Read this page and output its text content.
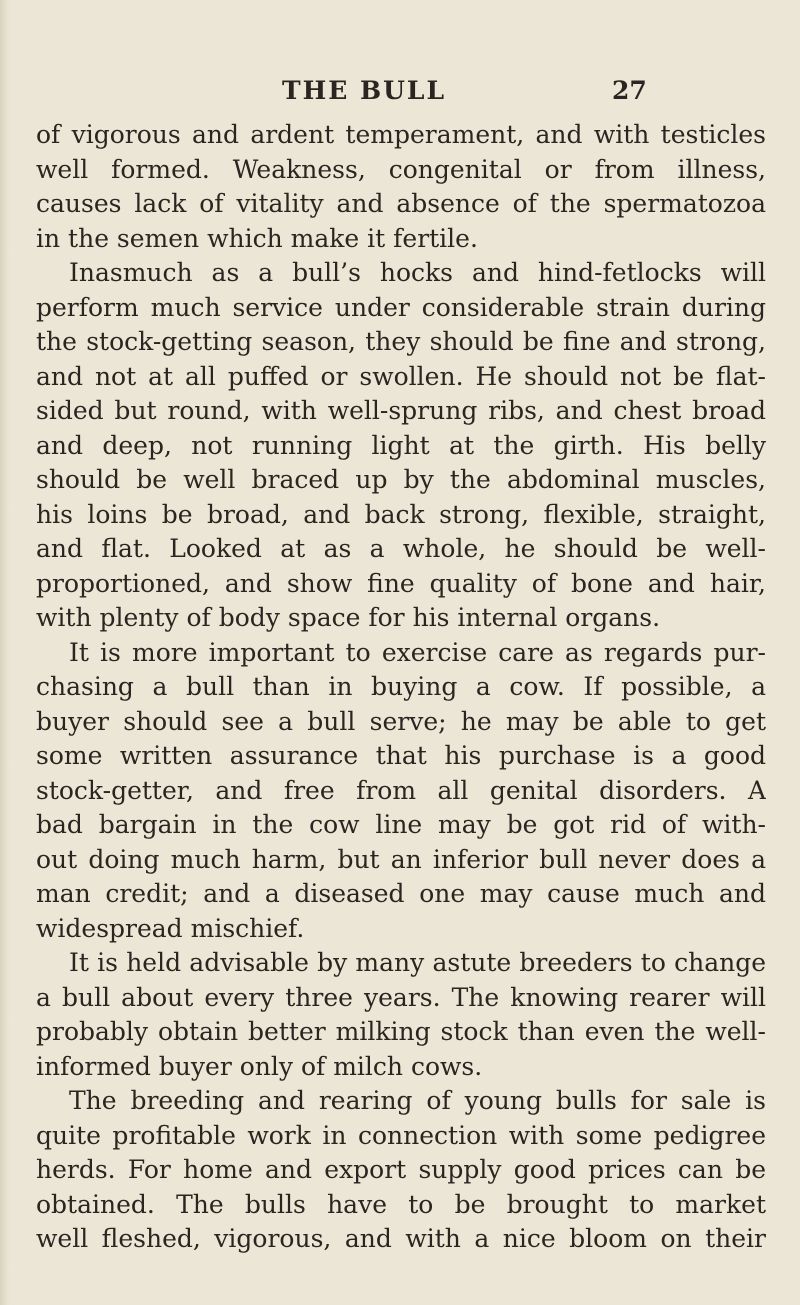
THE BULL	27
of vigorous and ardent temperament, and with testicles
well formed. Weakness, congenital or from illness,
causes lack of vitality and absence of the spermatozoa
in the semen which make it fertile.
Inasmuch as a bull’s hocks and hind-fetlocks will
perform much service under considerable strain during
the stock-getting season, they should be fine and strong,
and not at all puffed or swollen. He should not be flat-
sided but round, with well-sprung ribs, and chest broad
and deep, not running light at the girth. His belly
should be well braced up by the abdominal muscles,
his loins be broad, and back strong, flexible, straight,
and flat. Looked at as a whole, he should be well-
proportioned, and show fine quality of bone and hair,
with plenty of body space for his internal organs.
It is more important to exercise care as regards pur-
chasing a bull than in buying a cow. If possible, a
buyer should see a bull serve; he may be able to get
some written assurance that his purchase is a good
stock-getter, and free from all genital disorders. A
bad bargain in the cow line may be got rid of with-
out doing much harm, but an inferior bull never does a
man credit; and a diseased one may cause much and
widespread mischief.
It is held advisable by many astute breeders to change
a bull about every three years. The knowing rearer will
probably obtain better milking stock than even the well-
informed buyer only of milch cows.
The breeding and rearing of young bulls for sale is
quite profitable work in connection with some pedigree
herds. For home and export supply good prices can be
obtained. The bulls have to be brought to market
well fleshed, vigorous, and with a nice bloom on their
